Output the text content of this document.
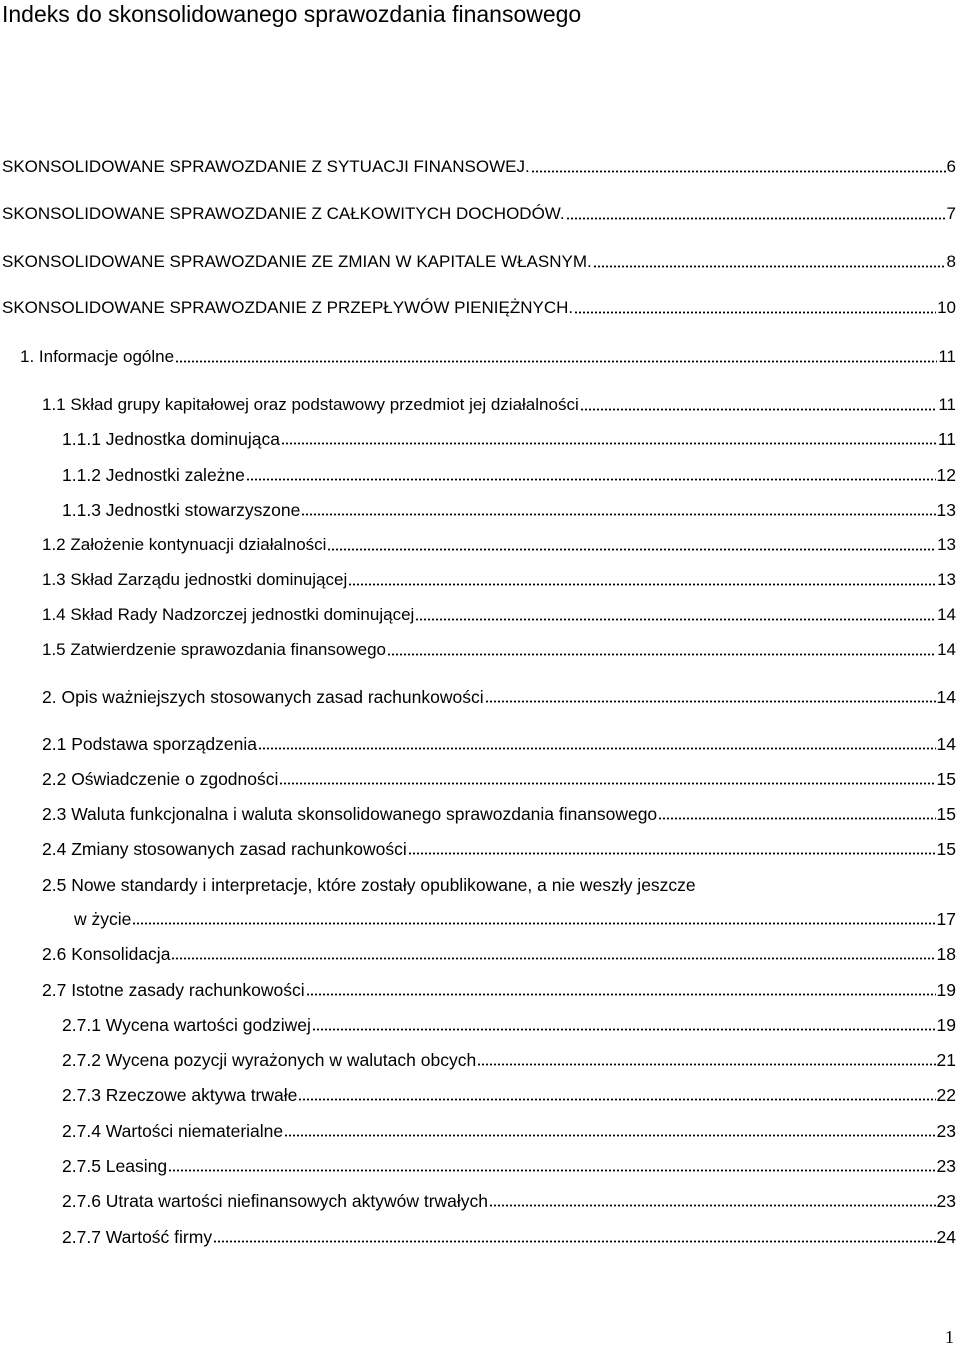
Indeks do skonsolidowanego sprawozdania finansowego
SKONSOLIDOWANE SPRAWOZDANIE Z SYTUACJI FINANSOWEJ.	6
SKONSOLIDOWANE SPRAWOZDANIE Z CAŁKOWITYCH DOCHODÓW.	7
SKONSOLIDOWANE SPRAWOZDANIE ZE ZMIAN W KAPITALE WŁASNYM.	8
SKONSOLIDOWANE SPRAWOZDANIE Z PRZEPŁYWÓW PIENIĘŻNYCH.	10
1. Informacje ogólne	11
1.1 Skład grupy kapitałowej oraz podstawowy przedmiot jej działalności	11
1.1.1 Jednostka dominująca	11
1.1.2 Jednostki zależne	12
1.1.3 Jednostki stowarzyszone	13
1.2 Założenie kontynuacji działalności	13
1.3 Skład Zarządu jednostki dominującej	13
1.4 Skład Rady Nadzorczej jednostki dominującej	14
1.5 Zatwierdzenie sprawozdania finansowego	14
2. Opis ważniejszych stosowanych zasad rachunkowości	14
2.1 Podstawa sporządzenia	14
2.2 Oświadczenie o zgodności	15
2.3 Waluta funkcjonalna i waluta skonsolidowanego sprawozdania finansowego	15
2.4 Zmiany stosowanych zasad rachunkowości	15
2.5 Nowe standardy i interpretacje, które zostały opublikowane, a nie weszły jeszcze
w życie	17
2.6 Konsolidacja	18
2.7 Istotne zasady rachunkowości	19
2.7.1 Wycena wartości godziwej	19
2.7.2 Wycena pozycji wyrażonych w walutach obcych	21
2.7.3 Rzeczowe aktywa trwałe	22
2.7.4 Wartości niematerialne	23
2.7.5 Leasing	23
2.7.6 Utrata wartości niefinansowych aktywów trwałych	23
2.7.7 Wartość firmy	24
1
